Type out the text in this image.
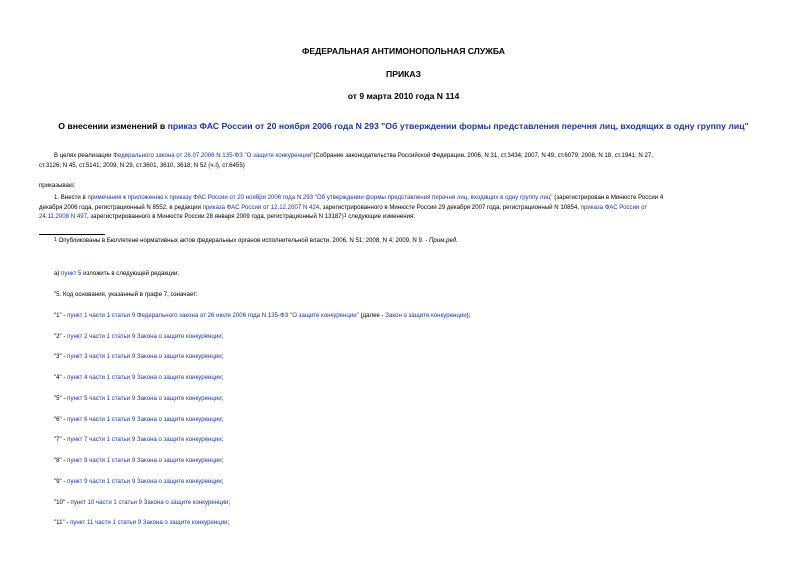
ФЕДЕРАЛЬНАЯ АНТИМОНОПОЛЬНАЯ СЛУЖБА
ПРИКАЗ
от 9 марта 2010 года N 114
О внесении изменений в приказ ФАС России от 20 ноября 2006 года N 293 "Об утверждении формы представления перечня лиц, входящих в одну группу лиц"
В целях реализации Федерального закона от 26.07.2006 N 135-ФЗ "О защите конкуренции"(Собрание законодательства Российской Федерации, 2006, N 31, ст.3434; 2007, N 49, ст.6079; 2008, N 18, ст.1941; N 27,
ст.3126; N 45, ст.5141; 2009, N 29, ст.3601, 3610, 3618; N 52 (ч.I), ст.6455)
приказываю:
1. Внести в примечания к приложению к приказу ФАС России от 20 ноября 2006 года N 293 "Об утверждении формы представления перечня лиц, входящих в одну группу лиц" (зарегистрирован в Минюсте России 4
декабря 2006 года, регистрационный N 8552, в редакции приказа ФАС России от 12.12.2007 N 424, зарегистрированного в Минюсте России 29 декабря 2007 года, регистрационный N 10854, приказа ФАС России от
24.11.2008 N 497, зарегистрированного в Минюсте России 28 января 2009 года, регистрационный N 13187)$^1$ следующие изменения:
$^1$ Опубликованы в Бюллетене нормативных актов федеральных органов исполнительной власти, 2006, N 51; 2008, N 4; 2009, N 9. - Прим.ред.
а) пункт 5 изложить в следующей редакции:
"5. Код основания, указанный в графе 7, означает:
"1" - пункт 1 части 1 статьи 9 Федерального закона от 26 июля 2006 года N 135-ФЗ "О защите конкуренции" (далее - Закон о защите конкуренции);
"2" - пункт 2 части 1 статьи 9 Закона о защите конкуренции;
"3" - пункт 3 части 1 статьи 9 Закона о защите конкуренции;
"4" - пункт 4 части 1 статьи 9 Закона о защите конкуренции;
"5" - пункт 5 части 1 статьи 9 Закона о защите конкуренции;
"6" - пункт 6 части 1 статьи 9 Закона о защите конкуренции;
"7" - пункт 7 части 1 статьи 9 Закона о защите конкуренции;
"8" - пункт 8 части 1 статьи 9 Закона о защите конкуренции;
"9" - пункт 9 части 1 статьи 9 Закона о защите конкуренции;
"10" - пункт 10 части 1 статьи 9 Закона о защите конкуренции;
"11" - пункт 11 части 1 статьи 9 Закона о защите конкуренции;
